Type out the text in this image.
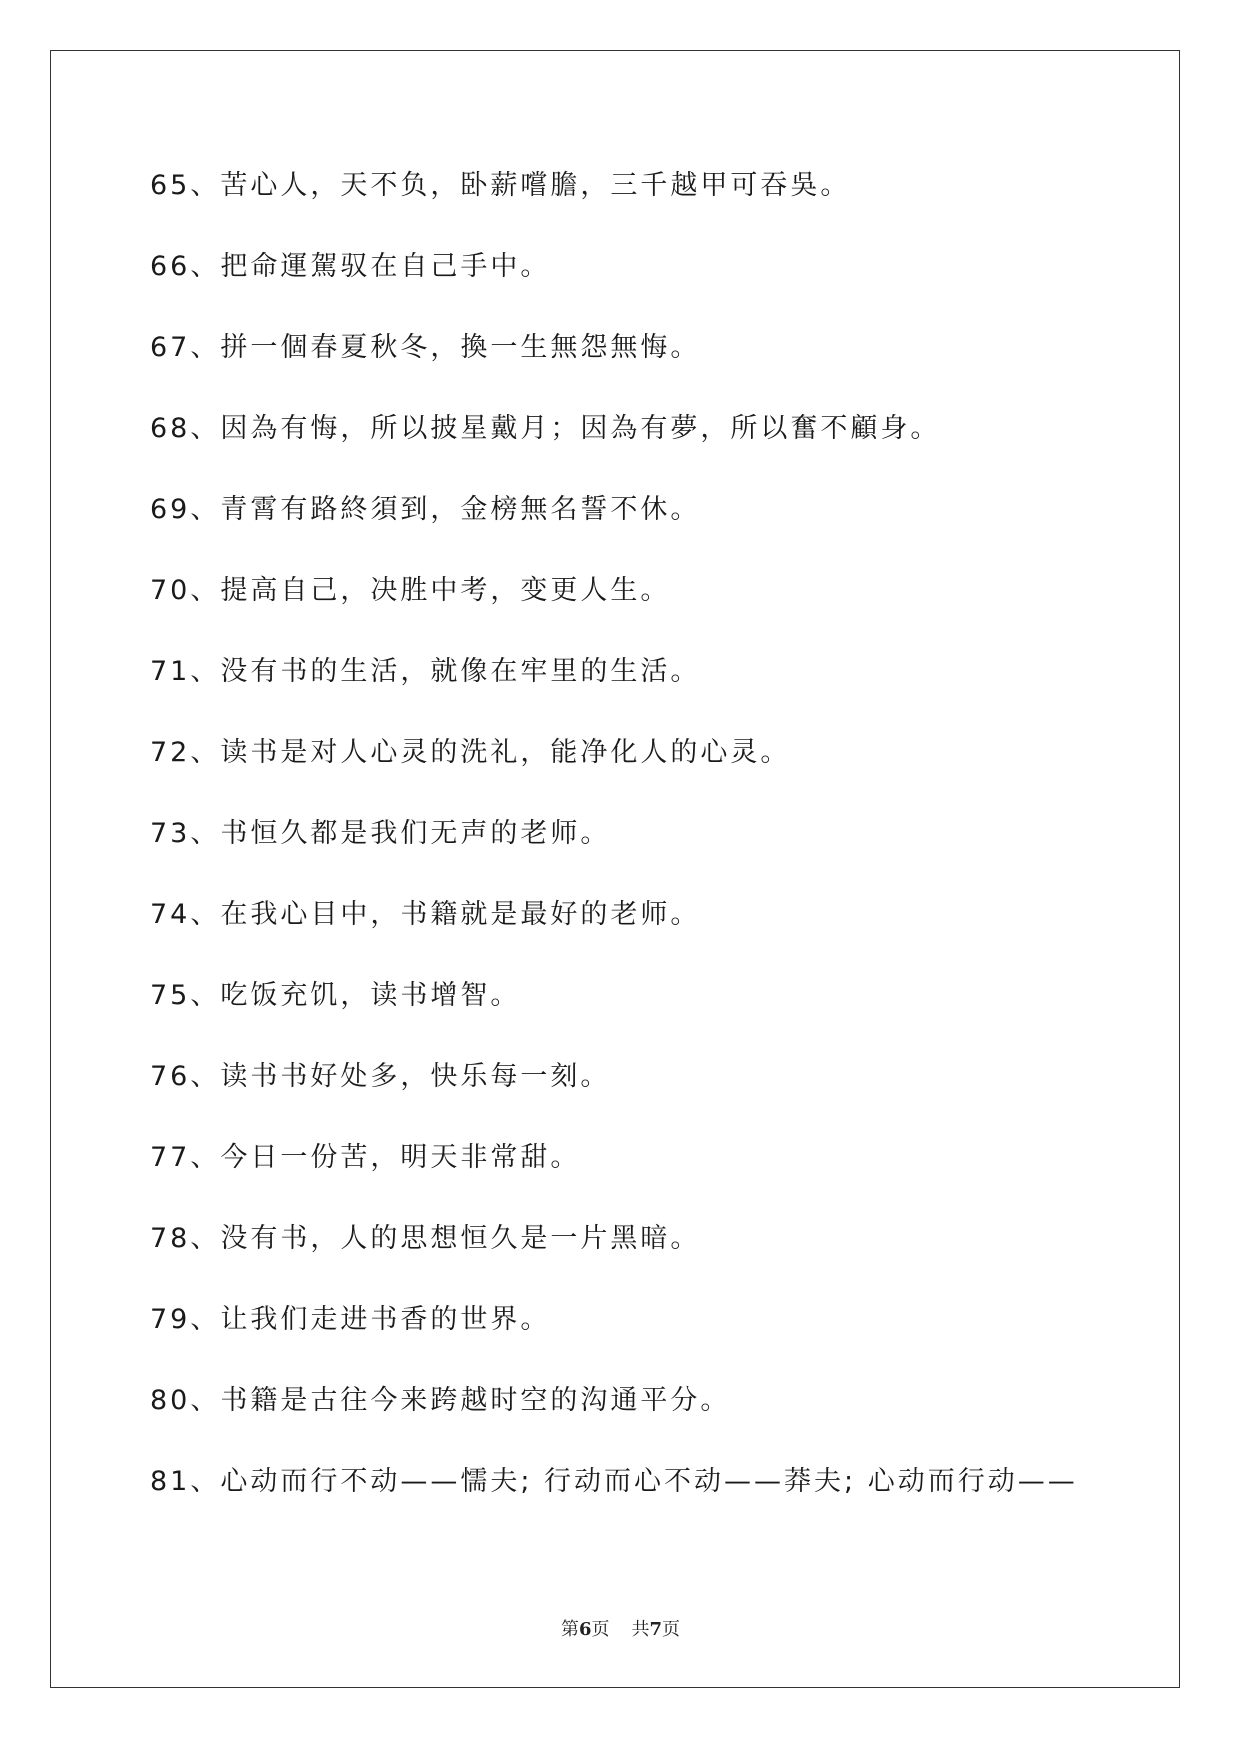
65、苦心人，天不负，卧薪嚐膽，三千越甲可吞吳。
66、把命運駕驭在自己手中。
67、拼一個春夏秋冬，換一生無怨無悔。
68、因為有悔，所以披星戴月；因為有夢，所以奮不顧身。
69、青霄有路終須到，金榜無名誓不休。
70、提高自己，决胜中考，变更人生。
71、没有书的生活，就像在牢里的生活。
72、读书是对人心灵的洗礼，能净化人的心灵。
73、书恒久都是我们无声的老师。
74、在我心目中，书籍就是最好的老师。
75、吃饭充饥，读书增智。
76、读书书好处多，快乐每一刻。
77、今日一份苦，明天非常甜。
78、没有书，人的思想恒久是一片黑暗。
79、让我们走进书香的世界。
80、书籍是古往今来跨越时空的沟通平分。
81、心动而行不动——懦夫; 行动而心不动——莽夫; 心动而行动——
第6页 共7页
